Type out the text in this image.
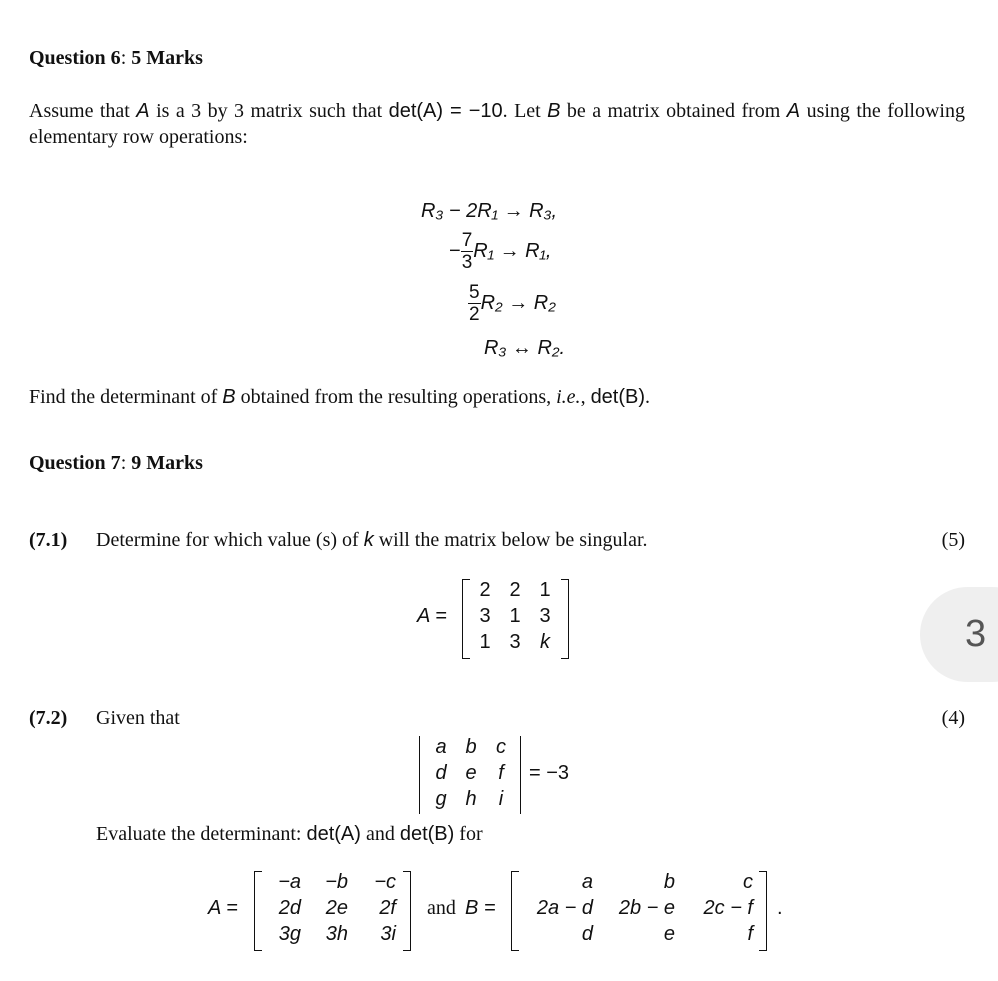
Question 6: 5 Marks
Assume that A is a 3 by 3 matrix such that det(A) = −10. Let B be a matrix obtained from A using the following elementary row operations:
R₃ − 2R₁ → R₃,
− $\frac{7}{3} R_1 \to R_1$,
$\frac{5}{2} R_2 \to R_2$
R₃ ↔ R₂.
Find the determinant of B obtained from the resulting operations, i.e., det(B).
Question 7: 9 Marks
(7.1) Determine for which value (s) of k will the matrix below be singular.	(5)
A =
2 2 1
3 1 3
1 3 k
(7.2) Given that	(4)
a b c
d e	f
g h	i
= −3
Evaluate the determinant: det(A) and det(B) for
A =
−a −b −c
2d 2e 2f
3g 3h 3i
and B =
a	b	c
2a − d 2b − e 2c − f
d	e	f
.
3
